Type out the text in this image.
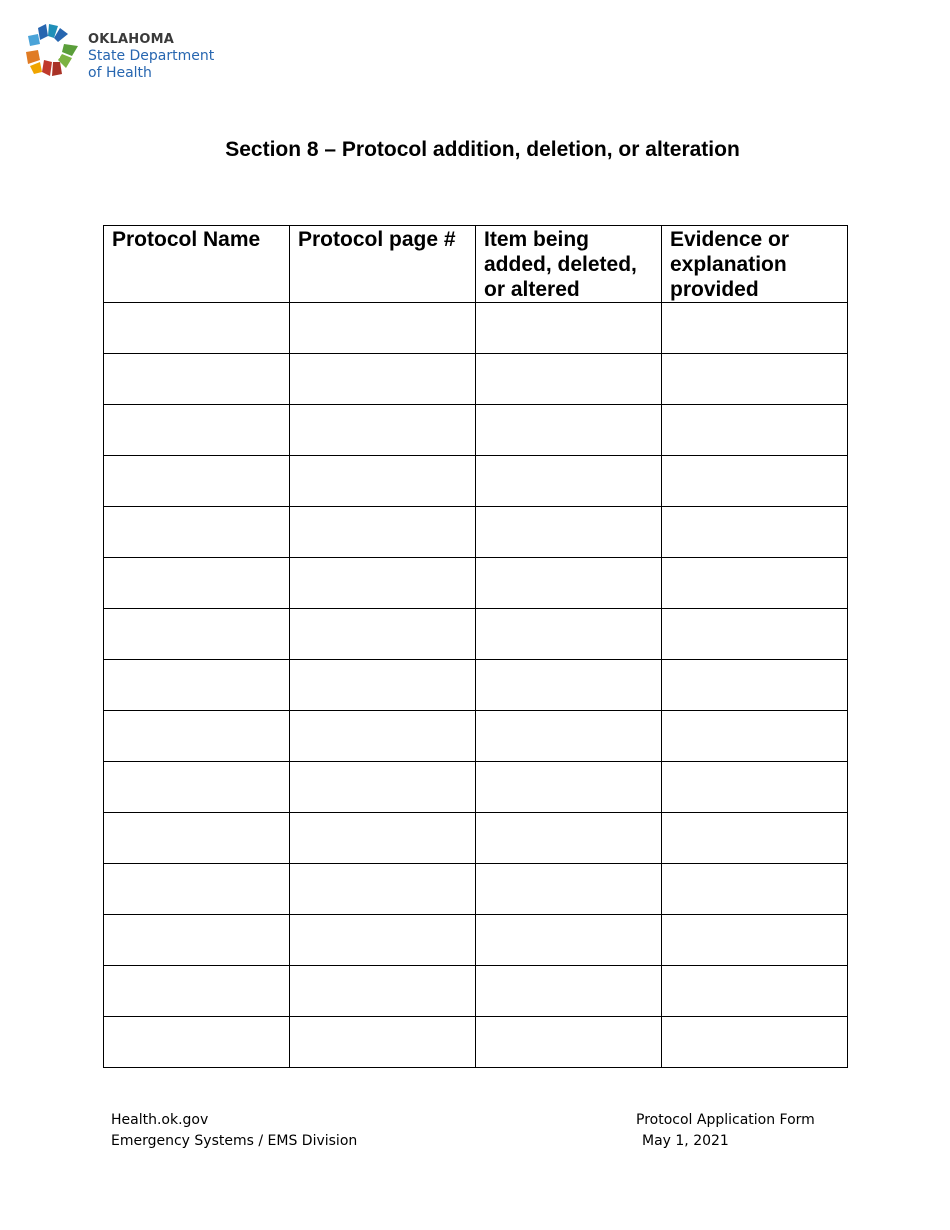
OKLAHOMA
State Department
of Health
Section 8 – Protocol addition, deletion, or alteration
Protocol Name	Protocol page #	Item being added, deleted, or altered	Evidence or explanation provided

Health.ok.gov
Emergency Systems / EMS Division
Protocol Application Form
May 1, 2021
